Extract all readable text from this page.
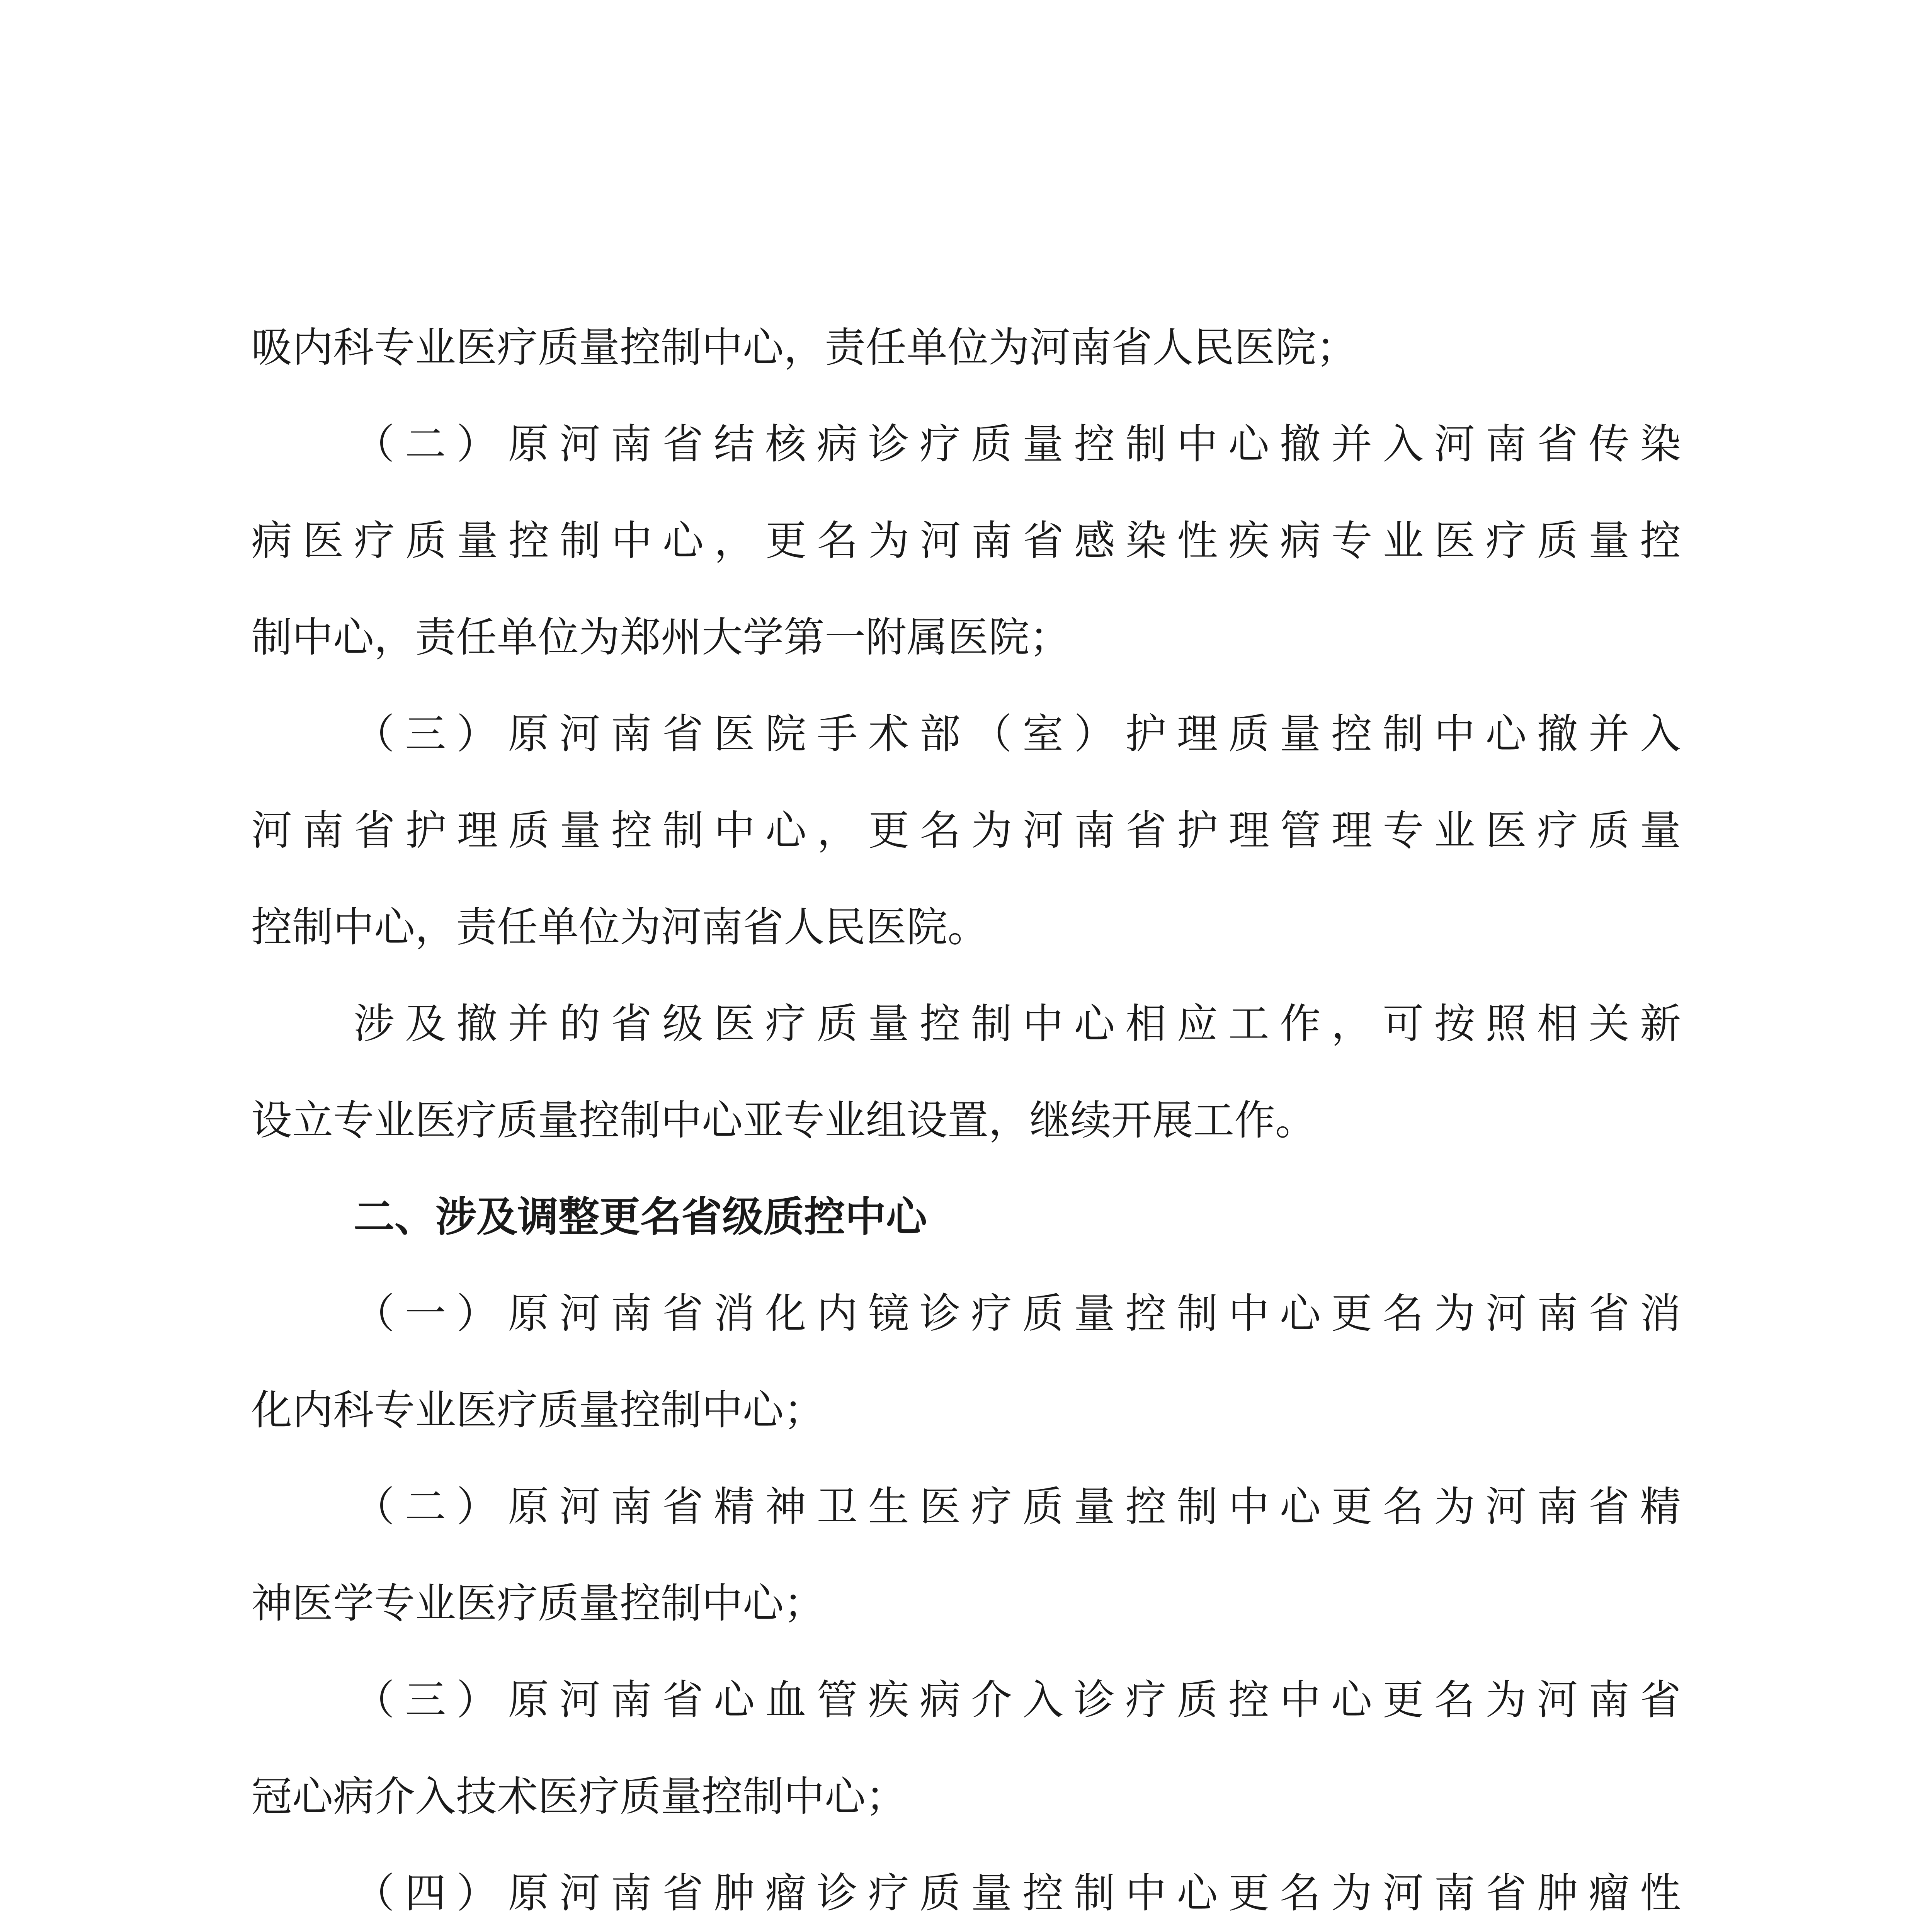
吸内科专业医疗质量控制中心，责任单位为河南省人民医院；
（二）原河南省结核病诊疗质量控制中心撤并入河南省传染
病医疗质量控制中心，更名为河南省感染性疾病专业医疗质量控
制中心，责任单位为郑州大学第一附属医院；
（三）原河南省医院手术部（室）护理质量控制中心撤并入
河南省护理质量控制中心，更名为河南省护理管理专业医疗质量
控制中心，责任单位为河南省人民医院。
涉及撤并的省级医疗质量控制中心相应工作，可按照相关新
设立专业医疗质量控制中心亚专业组设置，继续开展工作。
二、涉及调整更名省级质控中心
（一）原河南省消化内镜诊疗质量控制中心更名为河南省消
化内科专业医疗质量控制中心；
（二）原河南省精神卫生医疗质量控制中心更名为河南省精
神医学专业医疗质量控制中心；
（三）原河南省心血管疾病介入诊疗质控中心更名为河南省
冠心病介入技术医疗质量控制中心；
（四）原河南省肿瘤诊疗质量控制中心更名为河南省肿瘤性
